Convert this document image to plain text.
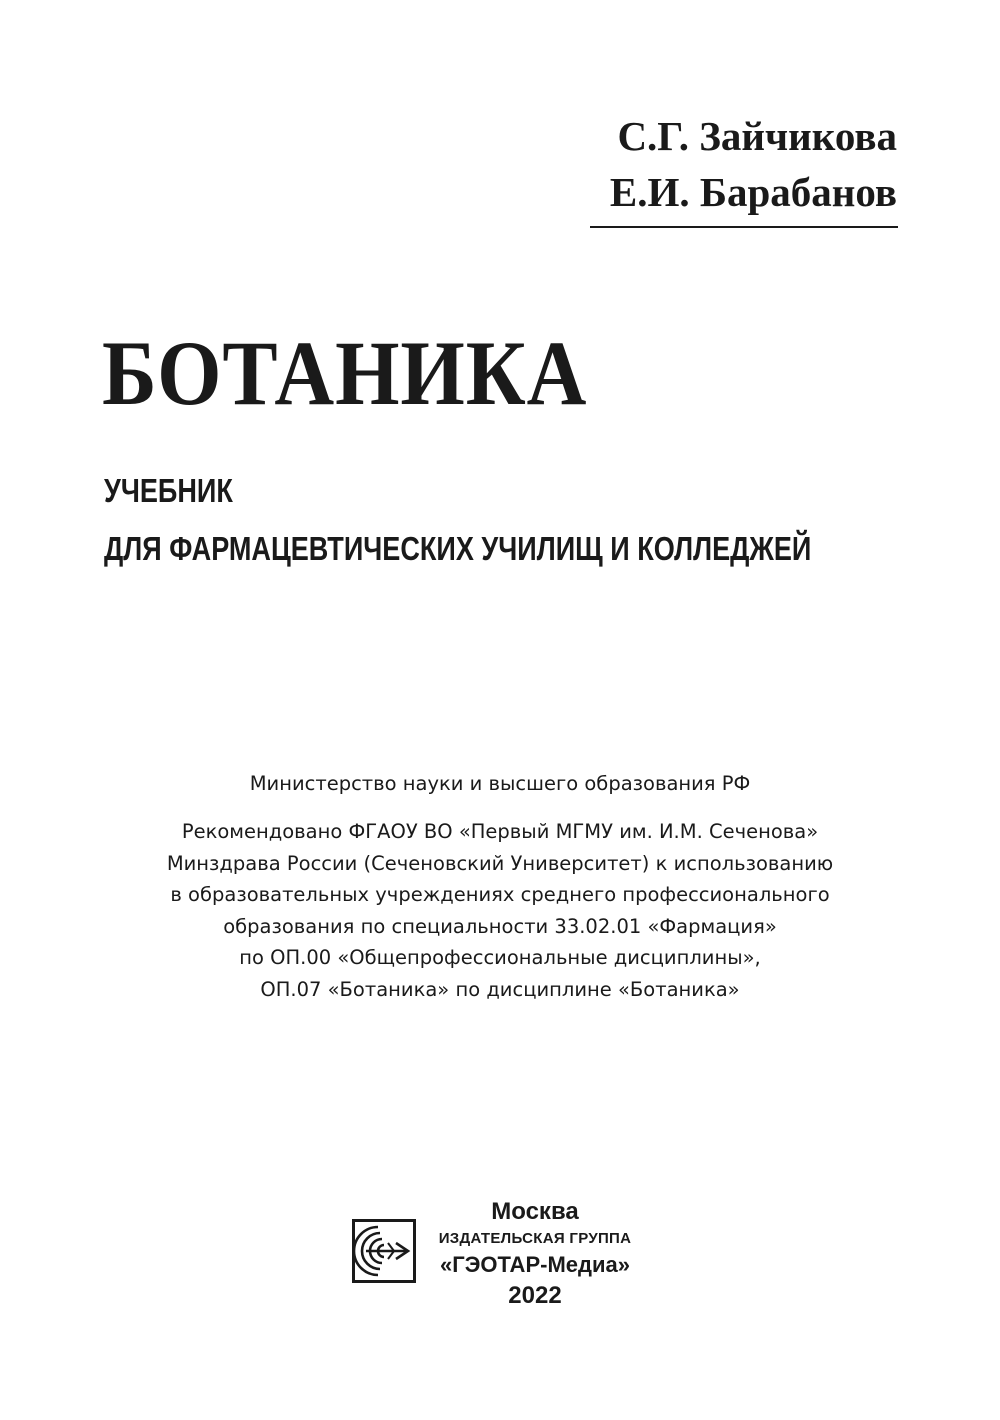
С.Г. Зайчикова
Е.И. Барабанов
БОТАНИКА
УЧЕБНИК
ДЛЯ ФАРМАЦЕВТИЧЕСКИХ УЧИЛИЩ И КОЛЛЕДЖЕЙ
Министерство науки и высшего образования РФ
Рекомендовано ФГАОУ ВО «Первый МГМУ им. И.М. Сеченова»
Минздрава России (Сеченовский Университет) к использованию
в образовательных учреждениях среднего профессионального
образования по специальности 33.02.01 «Фармация»
по ОП.00 «Общепрофессиональные дисциплины»,
ОП.07 «Ботаника» по дисциплине «Ботаника»
Москва
ИЗДАТЕЛЬСКАЯ ГРУППА
«ГЭОТАР-Медиа»
2022
